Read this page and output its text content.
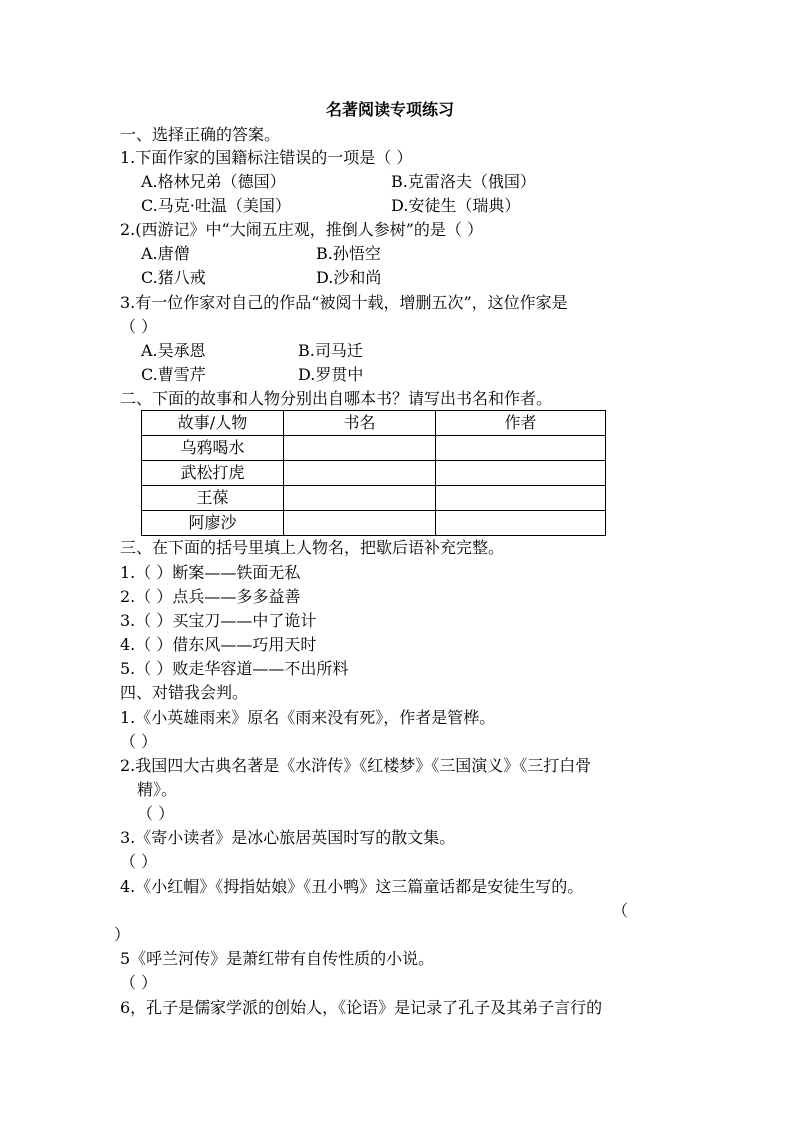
名著阅读专项练习
一、选择正确的答案。
1.下面作家的国籍标注错误的一项是（ ）
A.格林兄弟（德国）	B.克雷洛夫（俄国）
C.马克·吐温（美国）	D.安徒生（瑞典）
2.(西游记》中“大闹五庄观，推倒人参树”的是（ ）
A.唐僧	B.孙悟空
C.猪八戒	D.沙和尚
3.有一位作家对自己的作品“被阅十载，增删五次”，这位作家是
（ ）
A.吴承恩	B.司马迁
C.曹雪芹	D.罗贯中
二、下面的故事和人物分别出自哪本书？请写出书名和作者。
故事/人物	书名	作者
乌鸦喝水		
武松打虎		
王葆		
阿廖沙		
三、在下面的括号里填上人物名，把歇后语补充完整。
1.（ ）断案——铁面无私
2.（ ）点兵——多多益善
3.（ ）买宝刀——中了诡计
4.（ ）借东风——巧用天时
5.（ ）败走华容道——不出所料
四、对错我会判。
1.《小英雄雨来》原名《雨来没有死》，作者是管桦。
（ ）
2.我国四大古典名著是《水浒传》《红楼梦》《三国演义》《三打白骨
精》。
（ ）
3.《寄小读者》是冰心旅居英国时写的散文集。
（ ）
4.《小红帽》《拇指姑娘》《丑小鸭》这三篇童话都是安徒生写的。
（
）
5《呼兰河传》是萧红带有自传性质的小说。
（ ）
6，孔子是儒家学派的创始人，《论语》是记录了孔子及其弟子言行的
